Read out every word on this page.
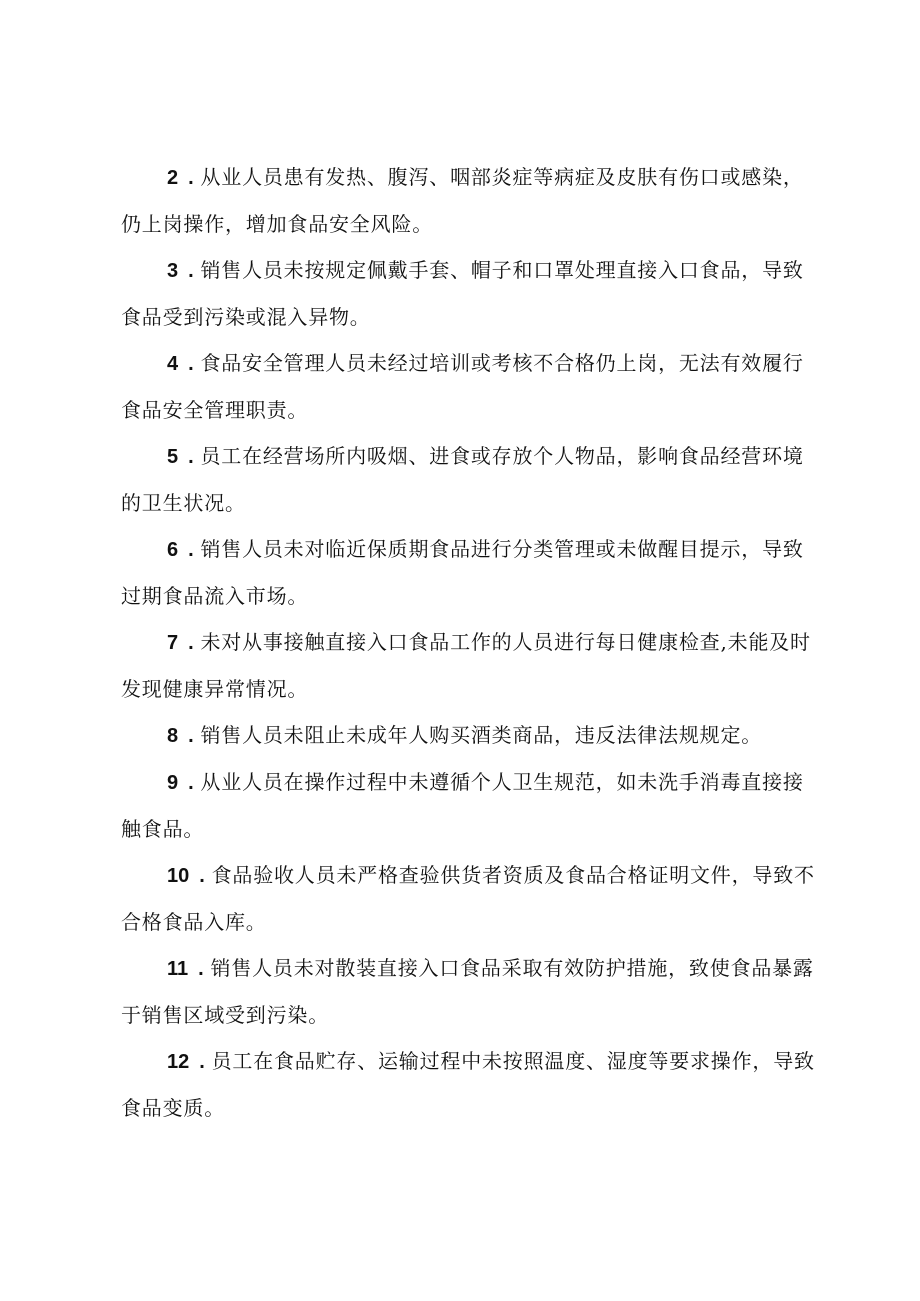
2 . 从业人员患有发热、腹泻、咽部炎症等病症及皮肤有伤口或感染，仍上岗操作，增加食品安全风险。

3 . 销售人员未按规定佩戴手套、帽子和口罩处理直接入口食品，导致食品受到污染或混入异物。

4 . 食品安全管理人员未经过培训或考核不合格仍上岗，无法有效履行食品安全管理职责。

5 . 员工在经营场所内吸烟、进食或存放个人物品，影响食品经营环境的卫生状况。

6 . 销售人员未对临近保质期食品进行分类管理或未做醒目提示，导致过期食品流入市场。

7 . 未对从事接触直接入口食品工作的人员进行每日健康检查,未能及时发现健康异常情况。

8 . 销售人员未阻止未成年人购买酒类商品，违反法律法规规定。

9 . 从业人员在操作过程中未遵循个人卫生规范，如未洗手消毒直接接触食品。

10 . 食品验收人员未严格查验供货者资质及食品合格证明文件，导致不合格食品入库。

11 . 销售人员未对散装直接入口食品采取有效防护措施，致使食品暴露于销售区域受到污染。

12 . 员工在食品贮存、运输过程中未按照温度、湿度等要求操作，导致食品变质。
